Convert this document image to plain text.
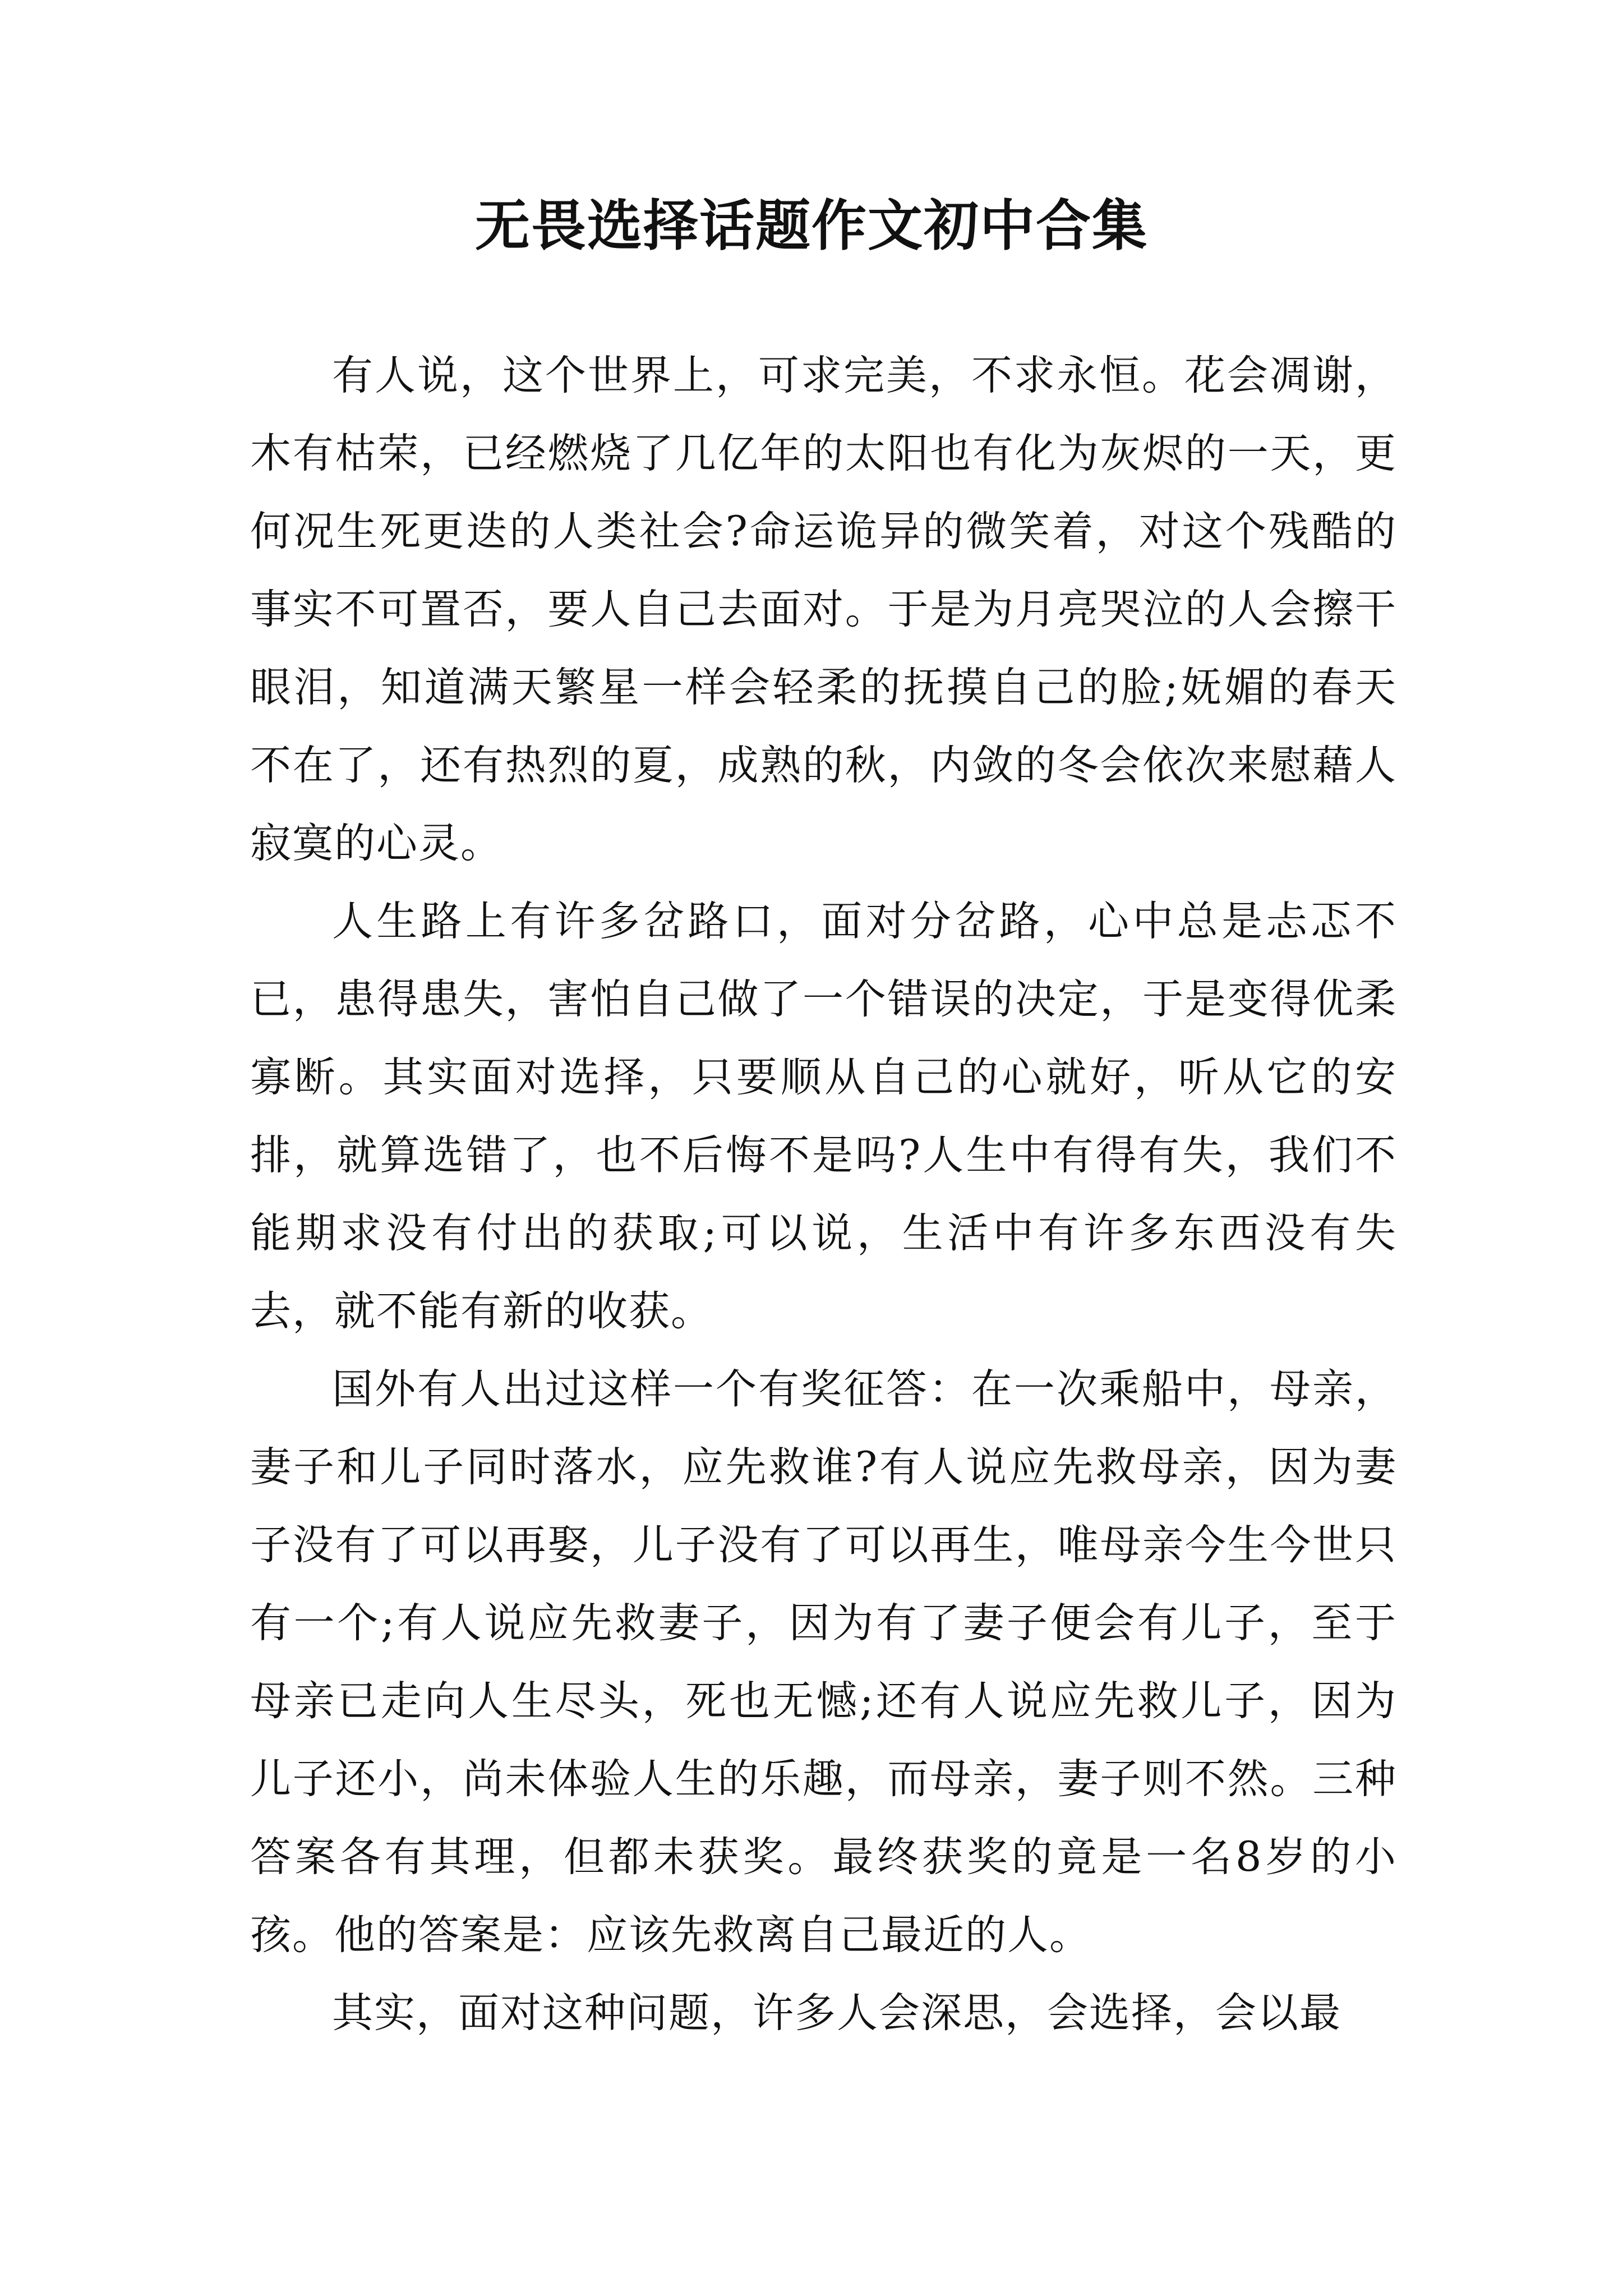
无畏选择话题作文初中合集

有人说，这个世界上，可求完美，不求永恒。花会凋谢，木有枯荣，已经燃烧了几亿年的太阳也有化为灰烬的一天，更何况生死更迭的人类社会?命运诡异的微笑着，对这个残酷的事实不可置否，要人自己去面对。于是为月亮哭泣的人会擦干眼泪，知道满天繁星一样会轻柔的抚摸自己的脸;妩媚的春天不在了，还有热烈的夏，成熟的秋，内敛的冬会依次来慰藉人寂寞的心灵。

人生路上有许多岔路口，面对分岔路，心中总是忐忑不已，患得患失，害怕自己做了一个错误的决定，于是变得优柔寡断。其实面对选择，只要顺从自己的心就好，听从它的安排，就算选错了，也不后悔不是吗?人生中有得有失，我们不能期求没有付出的获取;可以说，生活中有许多东西没有失去，就不能有新的收获。

国外有人出过这样一个有奖征答：在一次乘船中，母亲，妻子和儿子同时落水，应先救谁?有人说应先救母亲，因为妻子没有了可以再娶，儿子没有了可以再生，唯母亲今生今世只有一个;有人说应先救妻子，因为有了妻子便会有儿子，至于母亲已走向人生尽头，死也无憾;还有人说应先救儿子，因为儿子还小，尚未体验人生的乐趣，而母亲，妻子则不然。三种答案各有其理，但都未获奖。最终获奖的竟是一名8岁的小孩。他的答案是：应该先救离自己最近的人。

其实，面对这种问题，许多人会深思，会选择，会以最
